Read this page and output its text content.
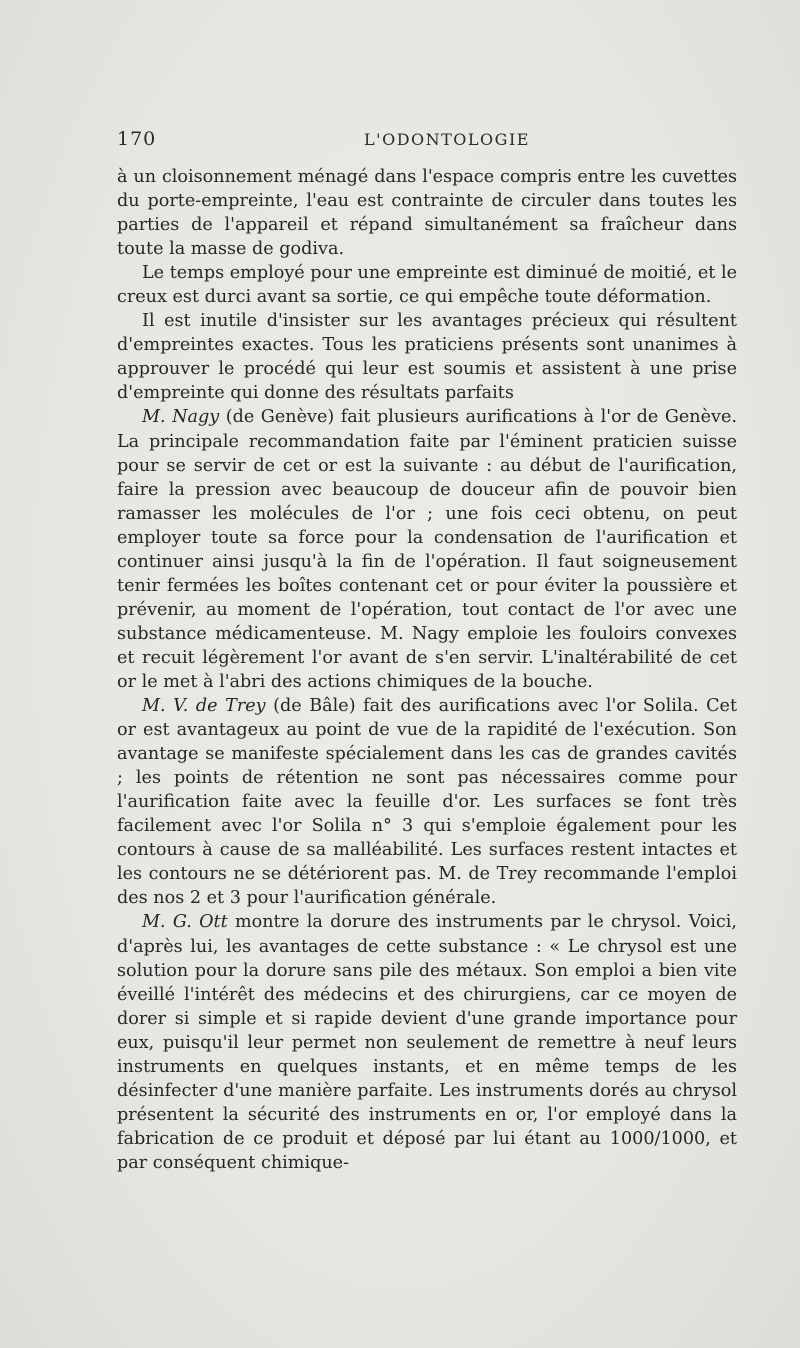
170	L'ODONTOLOGIE

à un cloisonnement ménagé dans l'espace compris entre les cuvettes du porte-empreinte, l'eau est contrainte de circuler dans toutes les parties de l'appareil et répand simultanément sa fraîcheur dans toute la masse de godiva.

Le temps employé pour une empreinte est diminué de moitié, et le creux est durci avant sa sortie, ce qui empêche toute déformation.

Il est inutile d'insister sur les avantages précieux qui résultent d'empreintes exactes. Tous les praticiens présents sont unanimes à approuver le procédé qui leur est soumis et assistent à une prise d'empreinte qui donne des résultats parfaits

M. Nagy (de Genève) fait plusieurs aurifications à l'or de Genève. La principale recommandation faite par l'éminent praticien suisse pour se servir de cet or est la suivante : au début de l'aurification, faire la pression avec beaucoup de douceur afin de pouvoir bien ramasser les molécules de l'or ; une fois ceci obtenu, on peut employer toute sa force pour la condensation de l'aurification et continuer ainsi jusqu'à la fin de l'opération. Il faut soigneusement tenir fermées les boîtes contenant cet or pour éviter la poussière et prévenir, au moment de l'opération, tout contact de l'or avec une substance médicamenteuse. M. Nagy emploie les fouloirs convexes et recuit légèrement l'or avant de s'en servir. L'inaltérabilité de cet or le met à l'abri des actions chimiques de la bouche.

M. V. de Trey (de Bâle) fait des aurifications avec l'or Solila. Cet or est avantageux au point de vue de la rapidité de l'exécution. Son avantage se manifeste spécialement dans les cas de grandes cavités ; les points de rétention ne sont pas nécessaires comme pour l'aurification faite avec la feuille d'or. Les surfaces se font très facilement avec l'or Solila n° 3 qui s'emploie également pour les contours à cause de sa malléabilité. Les surfaces restent intactes et les contours ne se détériorent pas. M. de Trey recommande l'emploi des nos 2 et 3 pour l'aurification générale.

M. G. Ott montre la dorure des instruments par le chrysol. Voici, d'après lui, les avantages de cette substance : « Le chrysol est une solution pour la dorure sans pile des métaux. Son emploi a bien vite éveillé l'intérêt des médecins et des chirurgiens, car ce moyen de dorer si simple et si rapide devient d'une grande importance pour eux, puisqu'il leur permet non seulement de remettre à neuf leurs instruments en quelques instants, et en même temps de les désinfecter d'une manière parfaite. Les instruments dorés au chrysol présentent la sécurité des instruments en or, l'or employé dans la fabrication de ce produit et déposé par lui étant au 1000/1000, et par conséquent chimique-
